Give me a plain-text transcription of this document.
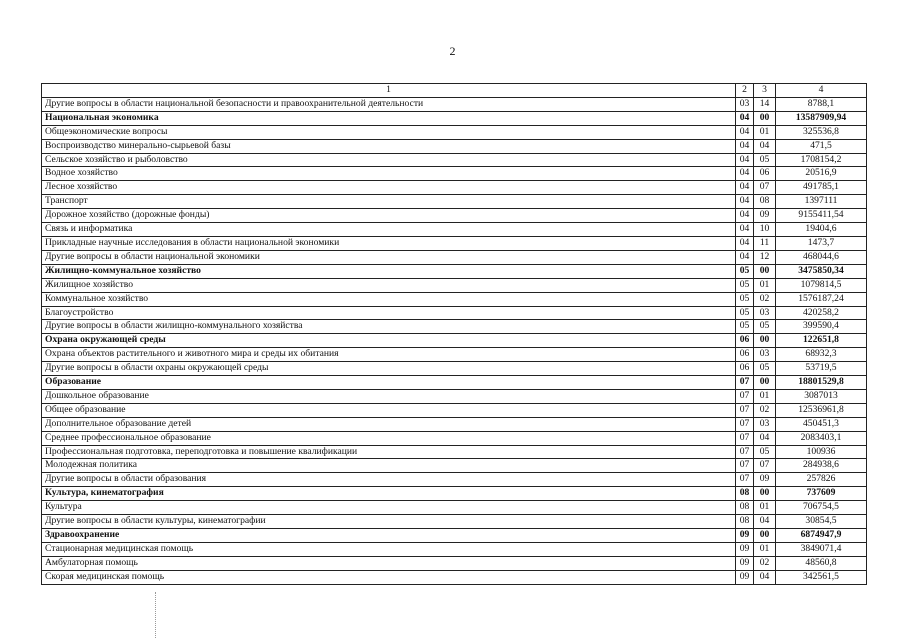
2
1	2	3	4
Другие вопросы в области национальной безопасности и правоохранительной деятельности	03	14	8788,1
Национальная экономика	04	00	13587909,94
Общеэкономические вопросы	04	01	325536,8
Воспроизводство минерально-сырьевой базы	04	04	471,5
Сельское хозяйство и рыболовство	04	05	1708154,2
Водное хозяйство	04	06	20516,9
Лесное хозяйство	04	07	491785,1
Транспорт	04	08	1397111
Дорожное хозяйство (дорожные фонды)	04	09	9155411,54
Связь и информатика	04	10	19404,6
Прикладные научные исследования в области национальной экономики	04	11	1473,7
Другие вопросы в области национальной экономики	04	12	468044,6
Жилищно-коммунальное хозяйство	05	00	3475850,34
Жилищное хозяйство	05	01	1079814,5
Коммунальное хозяйство	05	02	1576187,24
Благоустройство	05	03	420258,2
Другие вопросы в области жилищно-коммунального хозяйства	05	05	399590,4
Охрана окружающей среды	06	00	122651,8
Охрана объектов растительного и животного мира и среды их обитания	06	03	68932,3
Другие вопросы в области охраны окружающей среды	06	05	53719,5
Образование	07	00	18801529,8
Дошкольное образование	07	01	3087013
Общее образование	07	02	12536961,8
Дополнительное образование детей	07	03	450451,3
Среднее профессиональное образование	07	04	2083403,1
Профессиональная подготовка, переподготовка и повышение квалификации	07	05	100936
Молодежная политика	07	07	284938,6
Другие вопросы в области образования	07	09	257826
Культура, кинематография	08	00	737609
Культура	08	01	706754,5
Другие вопросы в области культуры, кинематографии	08	04	30854,5
Здравоохранение	09	00	6874947,9
Стационарная медицинская помощь	09	01	3849071,4
Амбулаторная помощь	09	02	48560,8
Скорая медицинская помощь	09	04	342561,5
